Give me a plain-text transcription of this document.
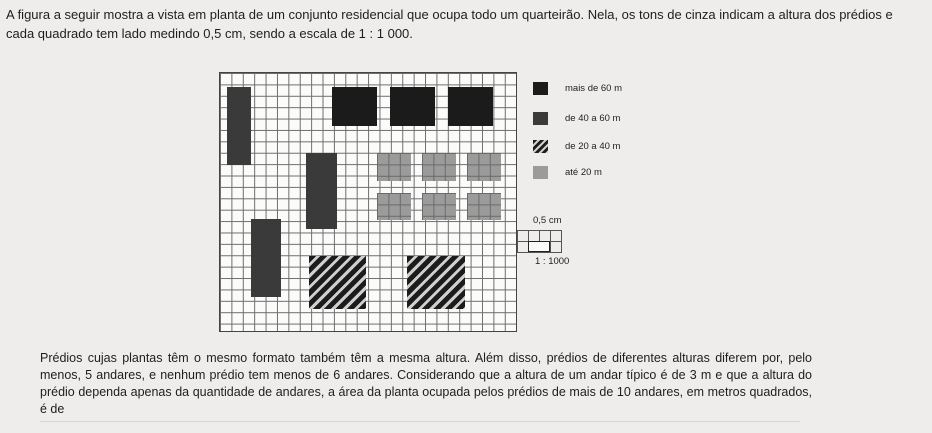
A figura a seguir mostra a vista em planta de um conjunto residencial que ocupa todo um quarteirão. Nela, os tons de cinza indicam a altura dos prédios e cada quadrado tem lado medindo 0,5 cm, sendo a escala de 1 : 1 000.

mais de 60 m
de 40 a 60 m
de 20 a 40 m
até 20 m
0,5 cm
1 : 1000

Prédios cujas plantas têm o mesmo formato também têm a mesma altura. Além disso, prédios de diferentes alturas diferem por, pelo menos, 5 andares, e nenhum prédio tem menos de 6 andares. Considerando que a altura de um andar típico é de 3 m e que a altura do prédio dependa apenas da quantidade de andares, a área da planta ocupada pelos prédios de mais de 10 andares, em metros quadrados, é de
